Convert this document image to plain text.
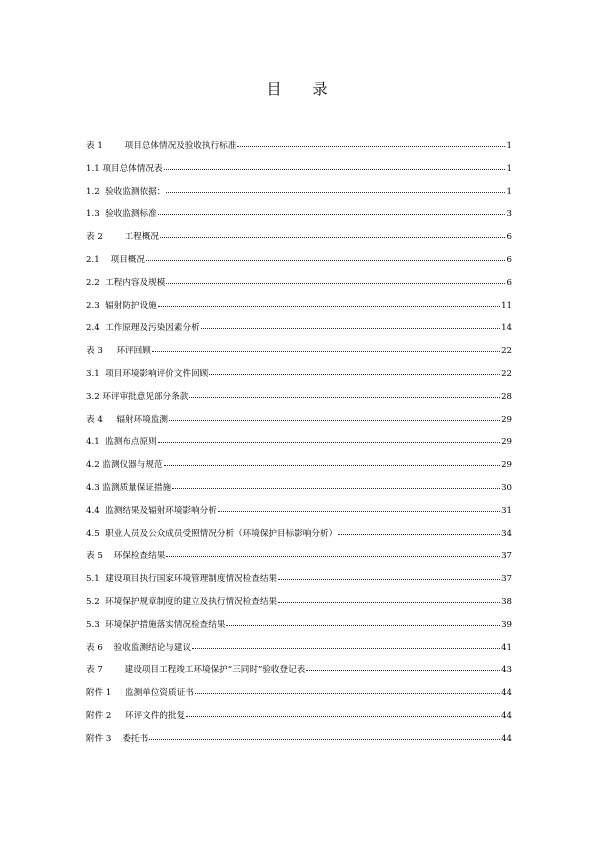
目 录
表 1        项目总体情况及验收执行标准	1
1.1 项目总体情况表	1
1.2  验收监测依据：	1
1.3  验收监测标准	3
表 2        工程概况	6
2.1    项目概况	6
2.2  工程内容及规模	6
2.3  辐射防护设施	11
2.4  工作原理及污染因素分析	14
表 3     环评回顾	22
3.1  项目环境影响评价文件回顾	22
3.2 环评审批意见部分条款	28
表 4     辐射环境监测	29
4.1  监测布点原则	29
4.2 监测仪器与规范	29
4.3 监测质量保证措施	30
4.4  监测结果及辐射环境影响分析	31
4.5  职业人员及公众成员受照情况分析（环境保护目标影响分析）	34
表 5    环保检查结果	37
5.1  建设项目执行国家环境管理制度情况检查结果	37
5.2  环境保护规章制度的建立及执行情况检查结果	38
5.3  环境保护措施落实情况检查结果	39
表 6    验收监测结论与建议	41
表 7        建设项目工程竣工环境保护“三同时”验收登记表	43
附件 1     监测单位资质证书	44
附件 2     环评文件的批复	44
附件 3    委托书	44
